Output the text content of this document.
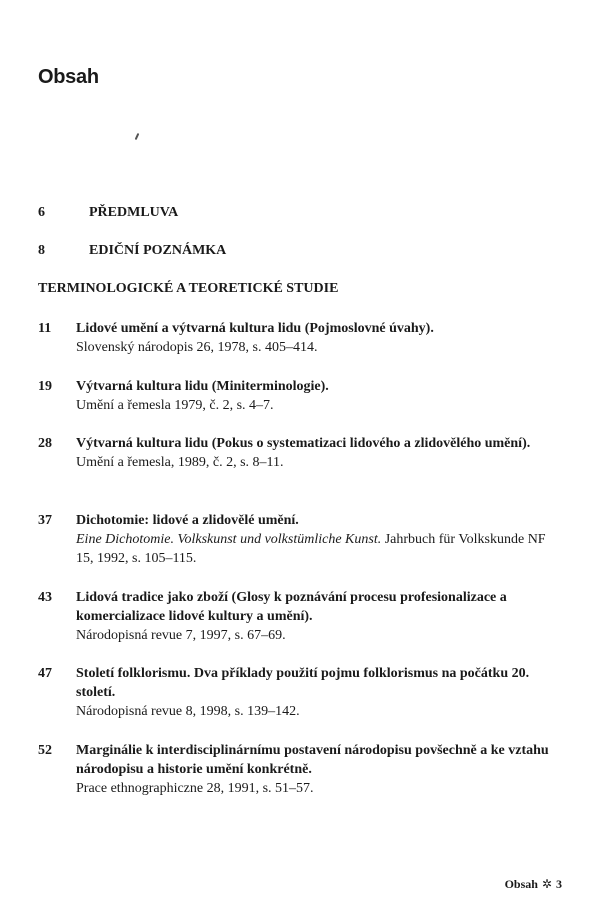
Obsah
6	PŘEDMLUVA
8	EDIČNÍ POZNÁMKA
TERMINOLOGICKÉ A TEORETICKÉ STUDIE
11	Lidové umění a výtvarná kultura lidu (Pojmoslovné úvahy).
Slovenský národopis 26, 1978, s. 405–414.
19	Výtvarná kultura lidu (Miniterminologie).
Umění a řemesla 1979, č. 2, s. 4–7.
28	Výtvarná kultura lidu (Pokus o systematizaci lidového a zlidovělého umění).
Umění a řemesla, 1989, č. 2, s. 8–11.
37	Dichotomie: lidové a zlidovělé umění.
Eine Dichotomie. Volkskunst und volkstümliche Kunst. Jahrbuch für Volkskunde NF 15, 1992, s. 105–115.
43	Lidová tradice jako zboží (Glosy k poznávání procesu profesionalizace a komercializace lidové kultury a umění).
Národopisná revue 7, 1997, s. 67–69.
47	Století folklorismu. Dva příklady použití pojmu folklorismus na počátku 20. století.
Národopisná revue 8, 1998, s. 139–142.
52	Marginálie k interdisciplinárnímu postavení národopisu povšechně a ke vztahu národopisu a historie umění konkrétně.
Prace ethnographiczne 28, 1991, s. 51–57.
Obsah ✲ 3
